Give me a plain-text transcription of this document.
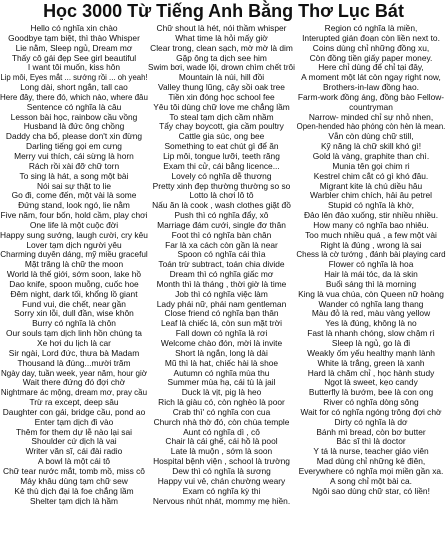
Học 3000 Từ Tiếng Anh Bằng Thơ Lục Bát
Hello có nghĩa xin chào
Goodbye tạm biệt, thì thào Whisper
Lie nằm, Sleep ngủ, Dream mơ
Thấy cô gái đẹp See girl beautiful
I want tôi muốn, kiss hôn
Lip môi, Eyes mắt ... sướng rồi ... oh yeah!
Long dài, short ngắn, tall cao
Here đây, there đó, which nào, where đâu
Sentence có nghĩa là câu
Lesson bài học, rainbow cầu vồng
Husband là đức ông chồng
Daddy cha bố, please don't xin đừng
Darling tiếng gọi em cưng
Merry vui thích, cái sừng là horn
Rách rồi xài đỡ chữ torn
To sing là hát, a song một bài
Nói sai sự thật to lie
Go đi, come đến, một vài là some
Đứng stand, look ngó, lie nằm
Five năm, four bốn, hold cầm, play chơi
One life là một cuộc đời
Happy sung sướng, laugh cười, cry kêu
Lover tạm dịch người yêu
Charming duyên dáng, mỹ miều graceful
Mặt trăng là chữ the moon
World là thế giới, sớm soon, lake hồ
Dao knife, spoon muỗng, cuốc hoe
Đêm night, dark tối, khổng lồ giant
Fund vui, die chết, near gần
Sorry xin lỗi, dull đần, wise khôn
Burry có nghĩa là chôn
Our souls tạm dịch linh hồn chúng ta
Xe hơi du lịch là car
Sir ngài, Lord đức, thưa bà Madam
Thousand là đúng...mười trăm
Ngày day, tuần week, year năm, hour giờ
Wait there đứng đó đợi chờ
Nightmare ác mộng, dream mơ, pray cầu
Trừ ra except, deep sâu
Daughter con gái, bridge cầu, pond ao
Enter tạm dịch đi vào
Thêm for them dự lễ nào lại sai
Shoulder cứ dịch là vai
Writer văn sĩ, cái đài radio
A bowl là một cái tô
Chữ tear nước mắt, tomb mồ, miss cô
Máy khâu dùng tạm chữ sew
Kẻ thù dịch đại là foe chẳng lầm
Shelter tạm dịch là hầm
Chữ shout là hét, nói thầm whisper
What time là hỏi mấy giờ
Clear trong, clean sạch, mờ mờ là dim
Gặp ông ta dịch see him
Swim bơi, wade lội, drown chìm chết trôi
Mountain là núi, hill đồi
Valley thung lũng, cây sồi oak tree
Tiền xin đóng học school fee
Yêu tôi dùng chữ love me chẳng lầm
To steal tạm dịch cầm nhầm
Tẩy chay boycott, gia cầm poultry
Cattle gia súc, ong bee
Something to eat chút gì để ăn
Lip môi, tongue lưỡi, teeth răng
Exam thi cử, cái bằng licence...
Lovely có nghĩa dễ thương
Pretty xinh đẹp thường thường so so
Lotto là chơi lô tô
Nấu ăn là cook , wash clothes giặt đồ
Push thì có nghĩa đẩy, xô
Marriage đám cưới, single đơ thân
Foot thì có nghĩa bàn chân
Far là xa cách còn gần là near
Spoon có nghĩa cái thìa
Toán trừ subtract, toán chia divide
Dream thì có nghĩa giấc mơ
Month thì là tháng , thời giờ là time
Job thì có nghĩa việc làm
Lady phái nữ, phái nam gentleman
Close friend có nghĩa bạn thân
Leaf là chiếc lá, còn sun mặt trời
Fall down có nghĩa là rơi
Welcome chào đón, mời là invite
Short là ngắn, long là dài
Mũ thì là hat, chiếc hài là shoe
Autumn có nghĩa mùa thu
Summer mùa hạ, cái tù là jail
Duck là vịt, pig là heo
Rich là giàu có, còn nghèo là poor
Crab thì' có nghĩa con cua
Church nhà thờ đó, còn chùa temple
Aunt có nghĩa dì , cô
Chair là cái ghế, cái hồ là pool
Late là muộn , sớm là soon
Hospital bệnh viện , school là trường
Dew thì có nghĩa là sương
Happy vui vẻ, chán chường weary
Exam có nghĩa kỳ thi
Nervous nhút nhát, mommy mẹ hiền.
Region có nghĩa là miền,
Interupted gián đoạn còn liền next to.
Coins dùng chỉ những đồng xu,
Còn đồng tiền giấy paper money.
Here chỉ dùng để chỉ tại đây,
A moment một lát còn ngay right now,
Brothers-in-law đồng hao.
Farm-work đồng áng, đồng bào Fellow-
countryman
Narrow- minded chỉ sự nhỏ nhen,
Open-hended hào phóng còn hèn là mean.
Vẫn còn dùng chữ still,
Kỹ năng là chữ skill khó gì!
Gold là vàng, graphite than chì.
Munia tên gọi chim ri
Kestrel chim cắt có gì khó đâu.
Migrant kite là chú diều hâu
Warbler chim chích, hải âu petrel
Stupid có nghĩa là khờ,
Đảo lên đảo xuống, stir nhiều nhiều.
How many có nghĩa bao nhiêu.
Too much nhiều quá , a few một vài
Right là đúng , wrong là sai
Chess là cờ tướng , đánh bài playing card
Flower có nghĩa là hoa
Hair là mái tóc, da là skin
Buổi sáng thì là morning
King là vua chúa, còn Queen nữ hoàng
Wander có nghĩa lang thang
Màu đỏ là red, màu vàng yellow
Yes là đúng, không là no
Fast là nhanh chóng, slow chậm rì
Sleep là ngủ, go là đi
Weakly ốm yếu healthy mạnh lành
White là trắng, green là xanh
Hard là chăm chỉ , học hành study
Ngọt là sweet, kẹo candy
Butterfly là bướm, bee là con ong
River có nghĩa dòng sông
Wait for có nghĩa ngóng trông đợi chờ
Dirty có nghĩa là dơ
Bánh mì bread, còn bơ butter
Bác sĩ thì là doctor
Y tá là nurse, teacher giáo viên
Mad dùng chỉ những kẻ điên,
Everywhere có nghĩa mọi miền gần xa.
A song chỉ một bài ca.
Ngôi sao dùng chữ star, có liền!
